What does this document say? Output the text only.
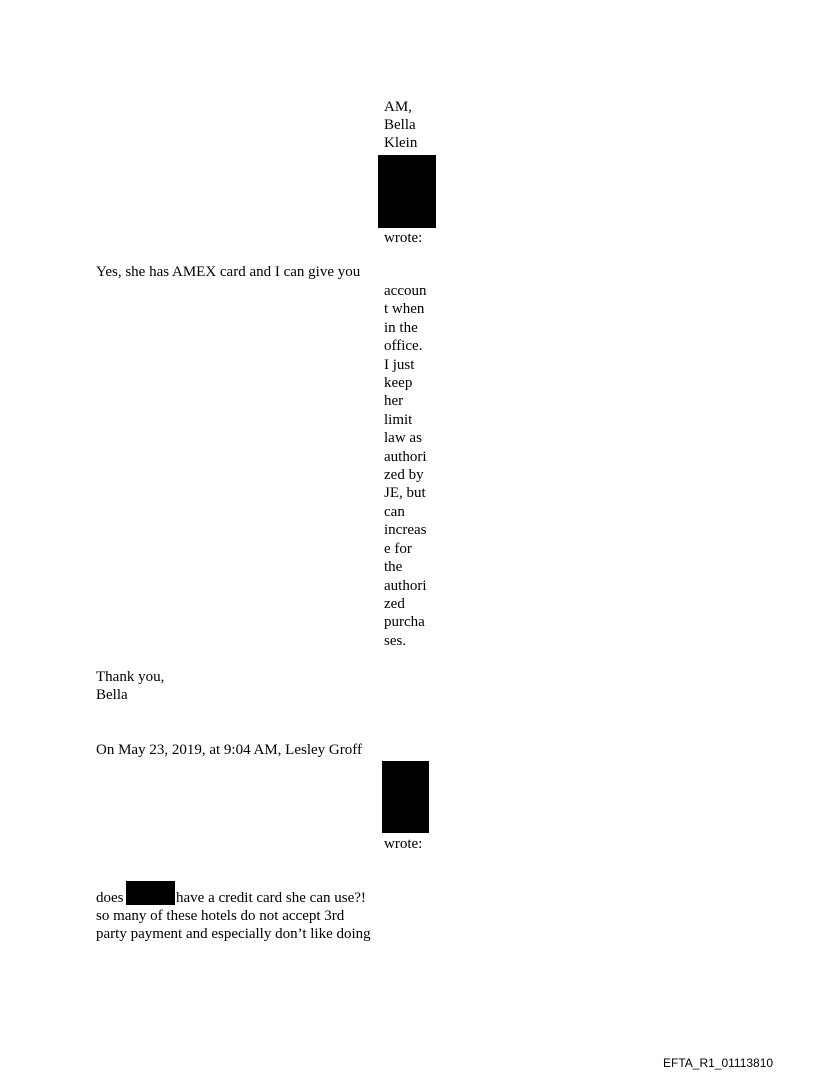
AM,
Bella
Klein
wrote:
Yes, she has AMEX card and I can give you
accoun
t when
in the
office.
I just
keep
her
limit
law as
authori
zed by
JE, but
can
increas
e for
the
authori
zed
purcha
ses.
Thank you,
Bella
On May 23, 2019, at 9:04 AM, Lesley Groff
wrote:
does	have a credit card she can use?!
so many of these hotels do not accept 3rd
party payment and especially don’t like doing
EFTA_R1_01113810
